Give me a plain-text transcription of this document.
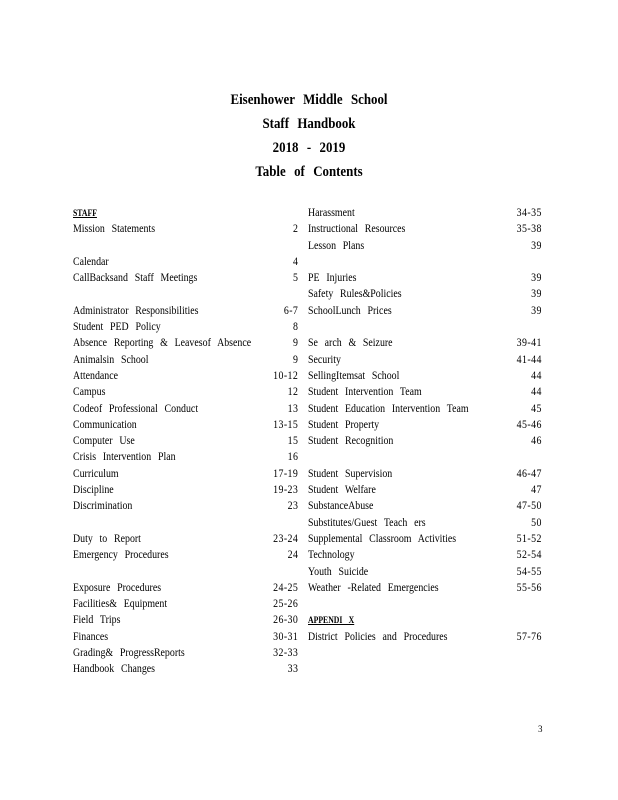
Eisenhower Middle School
Staff Handbook
2018 - 2019
Table of Contents
STAFF
Mission Statements	2
Calendar	4
CallBacksand Staff Meetings	5
Administrator Responsibilities	6-7
Student PED Policy	8
Absence Reporting & Leavesof Absence	9
Animalsin School	9
Attendance	10-12
Campus	12
Codeof Professional Conduct	13
Communication	13-15
Computer Use	15
Crisis Intervention Plan	16
Curriculum	17-19
Discipline	19-23
Discrimination	23
Duty to Report	23-24
Emergency Procedures	24
Exposure Procedures	24-25
Facilities& Equipment	25-26
Field Trips	26-30
Finances	30-31
Grading& ProgressReports	32-33
Handbook Changes	33
Harassment	34-35
Instructional Resources	35-38
Lesson Plans	39
PE Injuries	39
Safety Rules&Policies	39
SchoolLunch Prices	39
Se arch & Seizure	39-41
Security	41-44
SellingItemsat School	44
Student Intervention Team	44
Student Education Intervention Team	45
Student Property	45-46
Student Recognition	46
Student Supervision	46-47
Student Welfare	47
SubstanceAbuse	47-50
Substitutes/Guest Teach ers	50
Supplemental Classroom Activities	51-52
Technology	52-54
Youth Suicide	54-55
Weather -Related Emergencies	55-56
APPENDI X
District Policies and Procedures	57-76
3
